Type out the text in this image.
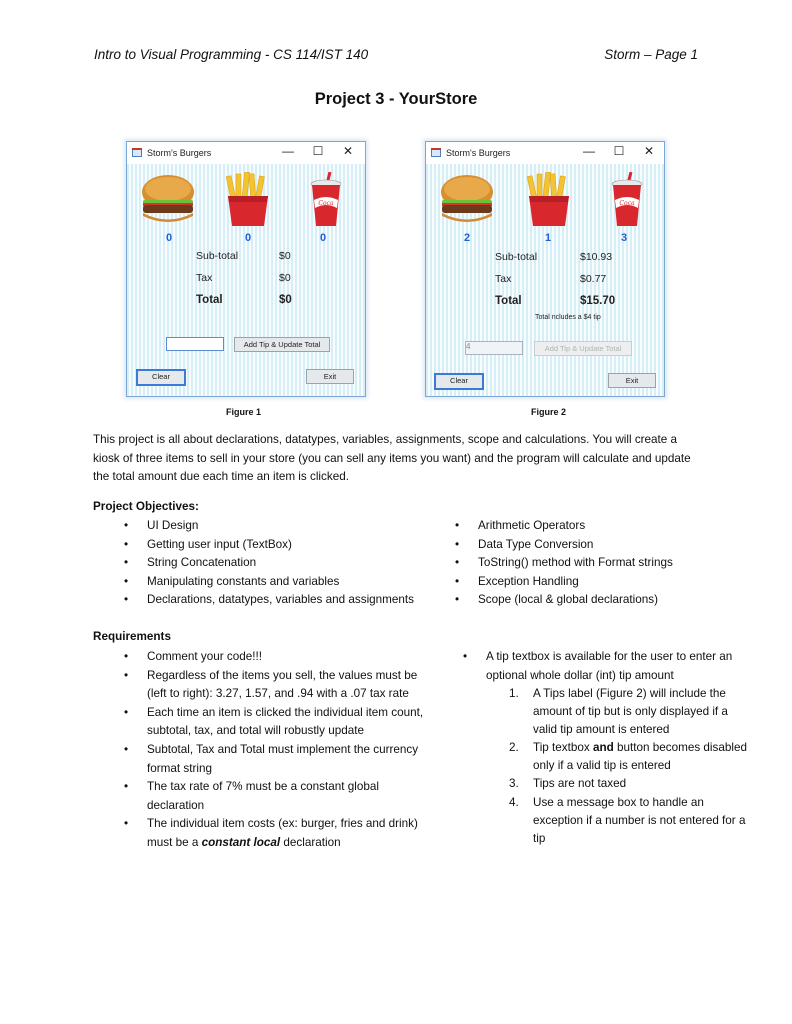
Intro to Visual Programming - CS 114/IST 140	Storm – Page 1
Project 3 - YourStore
Storm's Burgers	—	☐	✕
Coca
0	0	0
Sub-total	$0
Tax	$0
Total	$0
Add Tip & Update Total
Clear	Exit
Storm's Burgers	—	☐	✕
Coca
2	1	3
Sub-total	$10.93
Tax	$0.77
Total	$15.70
Total ncludes a $4 tip
4	Add Tip & Update Total
Clear	Exit
Figure 1	Figure 2
This project is all about declarations, datatypes, variables, assignments, scope and calculations. You will create a kiosk of three items to sell in your store (you can sell any items you want) and the program will calculate and update the total amount due each time an item is clicked.
Project Objectives:
• UI Design
• Getting user input (TextBox)
• String Concatenation
• Manipulating constants and variables
• Declarations, datatypes, variables and assignments
• Arithmetic Operators
• Data Type Conversion
• ToString() method with Format strings
• Exception Handling
• Scope (local & global declarations)
Requirements
• Comment your code!!!
• Regardless of the items you sell, the values must be (left to right): 3.27, 1.57, and .94 with a .07 tax rate
• Each time an item is clicked the individual item count, subtotal, tax, and total will robustly update
• Subtotal, Tax and Total must implement the currency format string
• The tax rate of 7% must be a constant global declaration
• The individual item costs (ex: burger, fries and drink) must be a constant local declaration
• A tip textbox is available for the user to enter an optional whole dollar (int) tip amount
1. A Tips label (Figure 2) will include the amount of tip but is only displayed if a valid tip amount is entered
2. Tip textbox and button becomes disabled only if a valid tip is entered
3. Tips are not taxed
4. Use a message box to handle an exception if a number is not entered for a tip
